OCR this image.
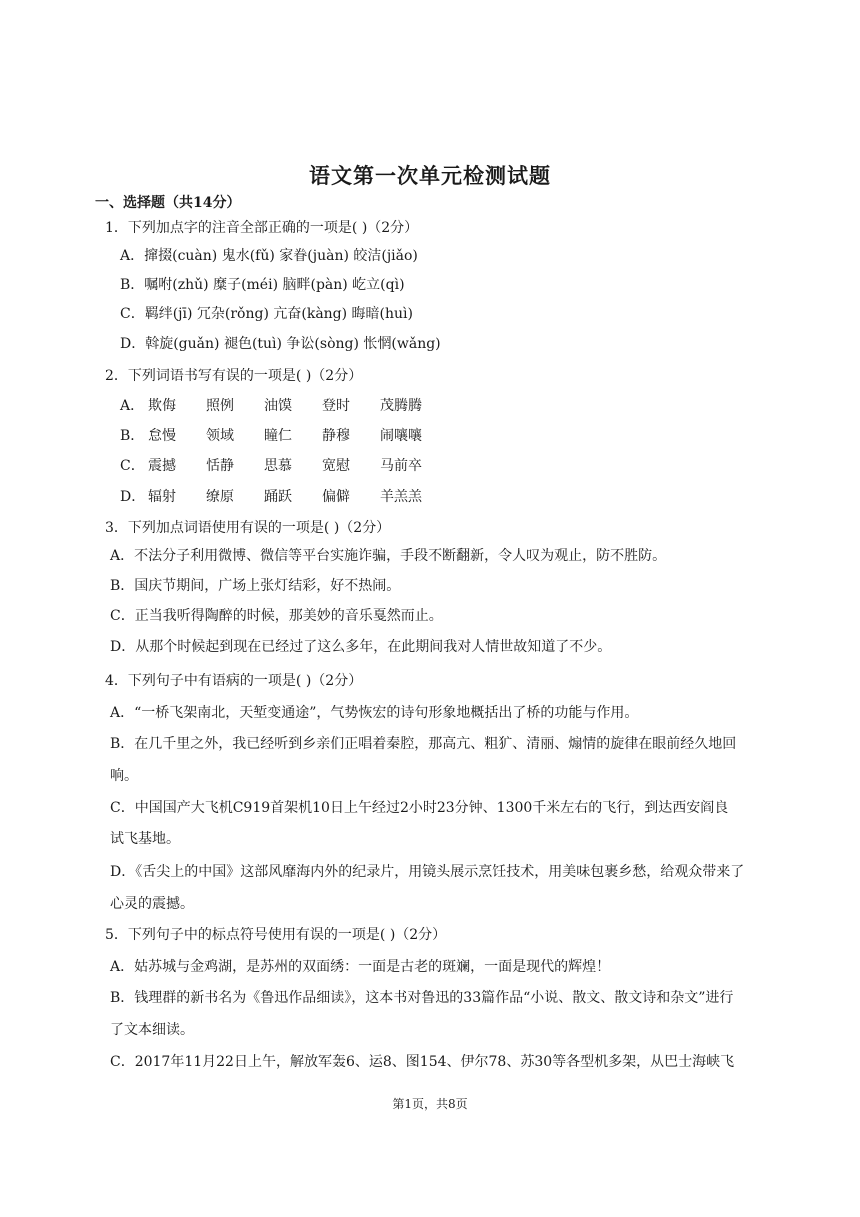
语文第一次单元检测试题
一、选择题（共14分）
1．下列加点字的注音全部正确的一项是( )（2分）
A．撺掇(cuàn) 鬼水(fǔ) 家眷(juàn) 皎洁(jiǎo)
B．嘱咐(zhǔ) 糜子(méi) 脑畔(pàn) 屹立(qì)
C．羁绊(jī) 冗杂(rǒng) 亢奋(kàng) 晦暗(huì)
D．斡旋(guǎn) 褪色(tuì) 争讼(sòng) 怅惘(wǎng)
2．下列词语书写有误的一项是( )（2分）
A． 欺侮 照例 油馍 登时 茂腾腾
B． 怠慢 领域 瞳仁 静穆 闹嚷嚷
C． 震撼 恬静 思慕 宽慰 马前卒
D． 辐射 缭原 踊跃 偏僻 羊羔羔
3．下列加点词语使用有误的一项是( )（2分）
A．不法分子利用微博、微信等平台实施诈骗，手段不断翻新，令人叹为观止，防不胜防。
B．国庆节期间，广场上张灯结彩，好不热闹。
C．正当我听得陶醉的时候，那美妙的音乐戛然而止。
D．从那个时候起到现在已经过了这么多年，在此期间我对人情世故知道了不少。
4．下列句子中有语病的一项是( )（2分）
A．“一桥飞架南北，天堑变通途”，气势恢宏的诗句形象地概括出了桥的功能与作用。
B．在几千里之外，我已经听到乡亲们正唱着秦腔，那高亢、粗犷、清丽、煽情的旋律在眼前经久地回
响。
C．中国国产大飞机C919首架机10日上午经过2小时23分钟、1300千米左右的飞行，到达西安阎良
试飞基地。
D．《舌尖上的中国》这部风靡海内外的纪录片，用镜头展示烹饪技术，用美味包裹乡愁，给观众带来了
心灵的震撼。
5．下列句子中的标点符号使用有误的一项是( )（2分）
A．姑苏城与金鸡湖，是苏州的双面绣：一面是古老的斑斓，一面是现代的辉煌！
B．钱理群的新书名为《鲁迅作品细读》，这本书对鲁迅的33篇作品“小说、散文、散文诗和杂文”进行
了文本细读。
C．2017年11月22日上午，解放军轰6、运8、图154、伊尔78、苏30等各型机多架，从巴士海峡飞
第1页，共8页
